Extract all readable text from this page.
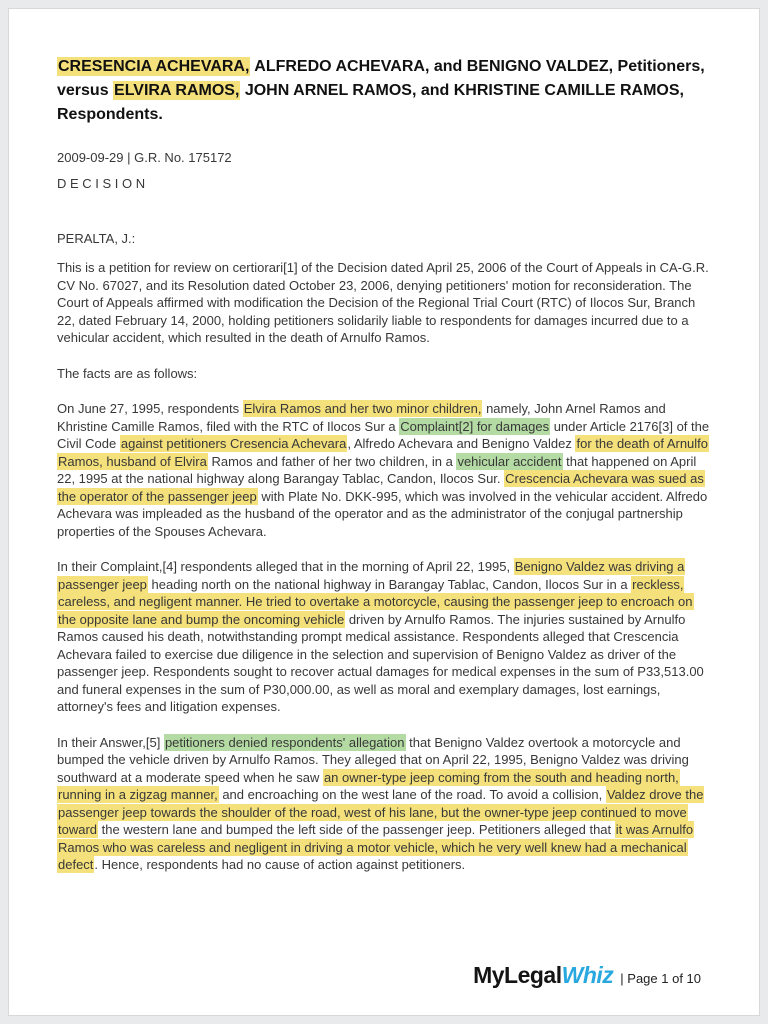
CRESENCIA ACHEVARA, ALFREDO ACHEVARA, and BENIGNO VALDEZ, Petitioners, versus ELVIRA RAMOS, JOHN ARNEL RAMOS, and KHRISTINE CAMILLE RAMOS, Respondents.

2009-09-29 | G.R. No. 175172

D E C I S I O N

PERALTA, J.:

This is a petition for review on certiorari[1] of the Decision dated April 25, 2006 of the Court of Appeals in CA-G.R. CV No. 67027, and its Resolution dated October 23, 2006, denying petitioners' motion for reconsideration. The Court of Appeals affirmed with modification the Decision of the Regional Trial Court (RTC) of Ilocos Sur, Branch 22, dated February 14, 2000, holding petitioners solidarily liable to respondents for damages incurred due to a vehicular accident, which resulted in the death of Arnulfo Ramos.

The facts are as follows:

On June 27, 1995, respondents Elvira Ramos and her two minor children, namely, John Arnel Ramos and Khristine Camille Ramos, filed with the RTC of Ilocos Sur a Complaint[2] for damages under Article 2176[3] of the Civil Code against petitioners Cresencia Achevara, Alfredo Achevara and Benigno Valdez for the death of Arnulfo Ramos, husband of Elvira Ramos and father of her two children, in a vehicular accident that happened on April 22, 1995 at the national highway along Barangay Tablac, Candon, Ilocos Sur. Crescencia Achevara was sued as the operator of the passenger jeep with Plate No. DKK-995, which was involved in the vehicular accident. Alfredo Achevara was impleaded as the husband of the operator and as the administrator of the conjugal partnership properties of the Spouses Achevara.

In their Complaint,[4] respondents alleged that in the morning of April 22, 1995, Benigno Valdez was driving a passenger jeep heading north on the national highway in Barangay Tablac, Candon, Ilocos Sur in a reckless, careless, and negligent manner. He tried to overtake a motorcycle, causing the passenger jeep to encroach on the opposite lane and bump the oncoming vehicle driven by Arnulfo Ramos. The injuries sustained by Arnulfo Ramos caused his death, notwithstanding prompt medical assistance. Respondents alleged that Crescencia Achevara failed to exercise due diligence in the selection and supervision of Benigno Valdez as driver of the passenger jeep. Respondents sought to recover actual damages for medical expenses in the sum of P33,513.00 and funeral expenses in the sum of P30,000.00, as well as moral and exemplary damages, lost earnings, attorney's fees and litigation expenses.

In their Answer,[5] petitioners denied respondents' allegation that Benigno Valdez overtook a motorcycle and bumped the vehicle driven by Arnulfo Ramos. They alleged that on April 22, 1995, Benigno Valdez was driving southward at a moderate speed when he saw an owner-type jeep coming from the south and heading north, running in a zigzag manner, and encroaching on the west lane of the road. To avoid a collision, Valdez drove the passenger jeep towards the shoulder of the road, west of his lane, but the owner-type jeep continued to move toward the western lane and bumped the left side of the passenger jeep. Petitioners alleged that it was Arnulfo Ramos who was careless and negligent in driving a motor vehicle, which he very well knew had a mechanical defect. Hence, respondents had no cause of action against petitioners.

MyLegalWhiz | Page 1 of 10
